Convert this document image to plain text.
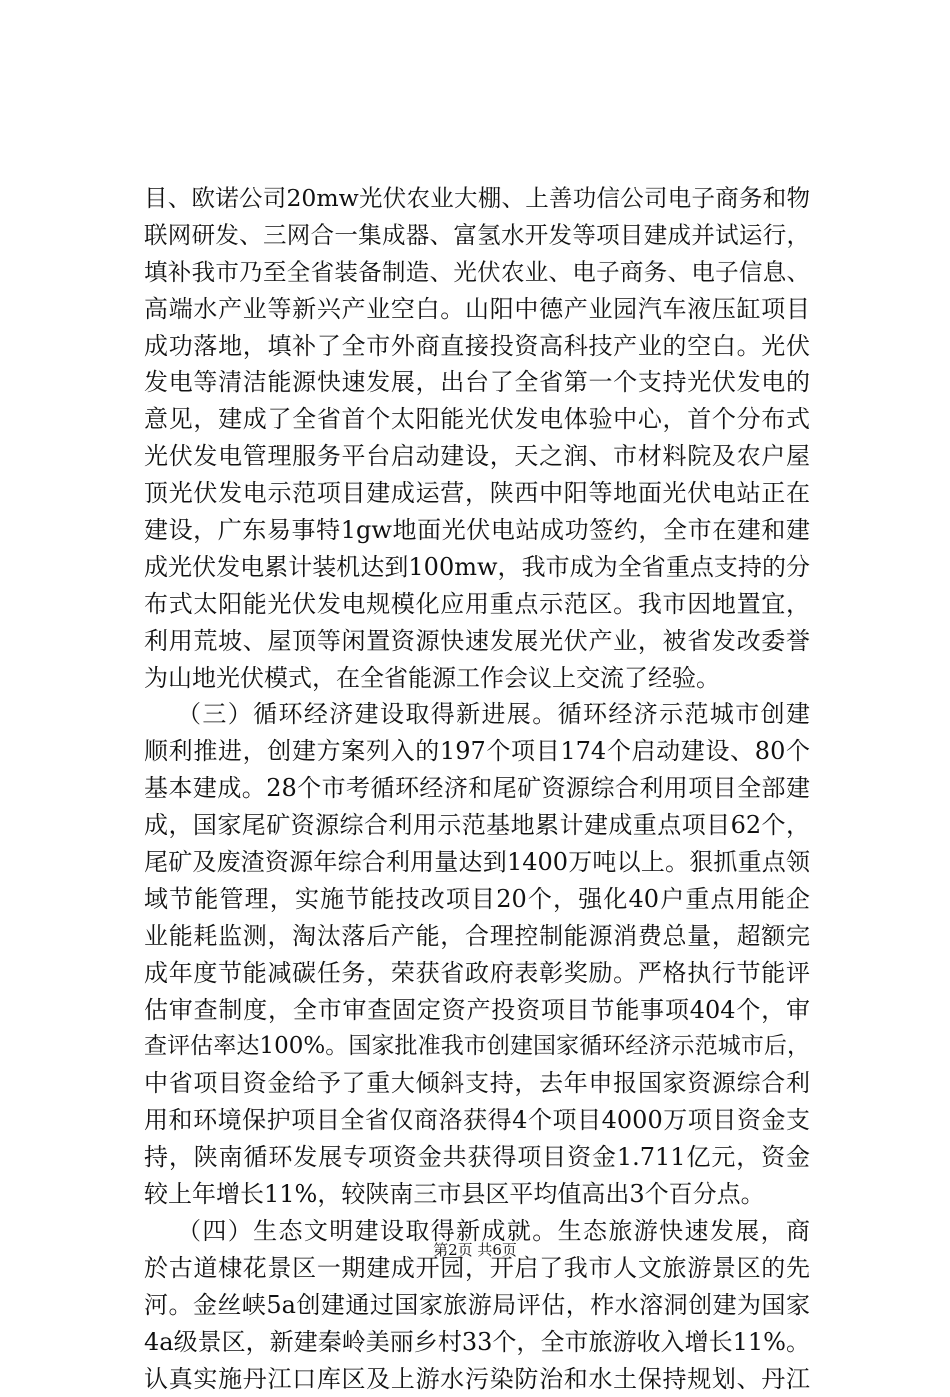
目、欧诺公司20mw光伏农业大棚、上善功信公司电子商务和物
联网研发、三网合一集成器、富氢水开发等项目建成并试运行，
填补我市乃至全省装备制造、光伏农业、电子商务、电子信息、
高端水产业等新兴产业空白。山阳中德产业园汽车液压缸项目
成功落地，填补了全市外商直接投资高科技产业的空白。光伏
发电等清洁能源快速发展，出台了全省第一个支持光伏发电的
意见，建成了全省首个太阳能光伏发电体验中心，首个分布式
光伏发电管理服务平台启动建设，天之润、市材料院及农户屋
顶光伏发电示范项目建成运营，陕西中阳等地面光伏电站正在
建设，广东易事特1gw地面光伏电站成功签约，全市在建和建
成光伏发电累计装机达到100mw，我市成为全省重点支持的分
布式太阳能光伏发电规模化应用重点示范区。我市因地置宜，
利用荒坡、屋顶等闲置资源快速发展光伏产业，被省发改委誉
为山地光伏模式，在全省能源工作会议上交流了经验。
（三）循环经济建设取得新进展。循环经济示范城市创建
顺利推进，创建方案列入的197个项目174个启动建设、80个
基本建成。28个市考循环经济和尾矿资源综合利用项目全部建
成，国家尾矿资源综合利用示范基地累计建成重点项目62个，
尾矿及废渣资源年综合利用量达到1400万吨以上。狠抓重点领
域节能管理，实施节能技改项目20个，强化40户重点用能企
业能耗监测，淘汰落后产能，合理控制能源消费总量，超额完
成年度节能减碳任务，荣获省政府表彰奖励。严格执行节能评
估审查制度，全市审查固定资产投资项目节能事项404个，审
查评估率达100%。国家批准我市创建国家循环经济示范城市后，
中省项目资金给予了重大倾斜支持，去年申报国家资源综合利
用和环境保护项目全省仅商洛获得4个项目4000万项目资金支
持，陕南循环发展专项资金共获得项目资金1.711亿元，资金
较上年增长11%，较陕南三市县区平均值高出3个百分点。
（四）生态文明建设取得新成就。生态旅游快速发展，商
於古道棣花景区一期建成开园，开启了我市人文旅游景区的先
河。金丝峡5a创建通过国家旅游局评估，柞水溶洞创建为国家
4a级景区，新建秦岭美丽乡村33个，全市旅游收入增长11%。
认真实施丹江口库区及上游水污染防治和水土保持规划、丹江
第2页 共6页
